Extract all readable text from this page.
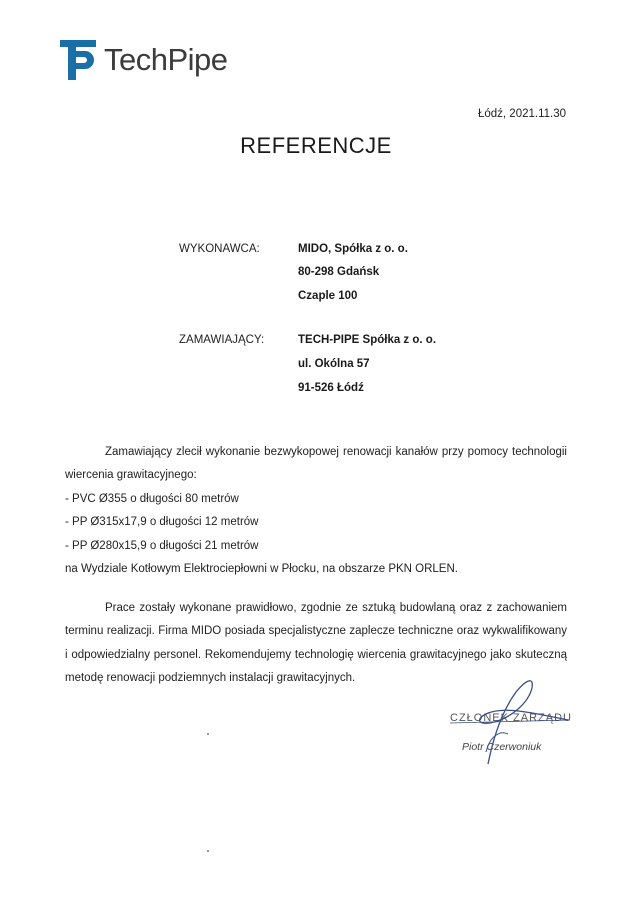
TechPipe
Łódź, 2021.11.30
REFERENCJE
WYKONAWCA:	MIDO, Spółka z o. o.
80-298 Gdańsk
Czaple 100
ZAMAWIAJĄCY:	TECH-PIPE Spółka z o. o.
ul. Okólna 57
91-526 Łódź
Zamawiający zlecił wykonanie bezwykopowej renowacji kanałów przy pomocy technologii wiercenia grawitacyjnego:
- PVC Ø355 o długości 80 metrów
- PP Ø315x17,9 o długości 12 metrów
- PP Ø280x15,9 o długości 21 metrów
na Wydziale Kotłowym Elektrociepłowni w Płocku, na obszarze PKN ORLEN.
Prace zostały wykonane prawidłowo, zgodnie ze sztuką budowlaną oraz z zachowaniem terminu realizacji. Firma MIDO posiada specjalistyczne zaplecze techniczne oraz wykwalifikowany i odpowiedzialny personel. Rekomendujemy technologię wiercenia grawitacyjnego jako skuteczną metodę renowacji podziemnych instalacji grawitacyjnych.
CZŁONEK ZARZĄDU
Piotr Czerwoniuk
